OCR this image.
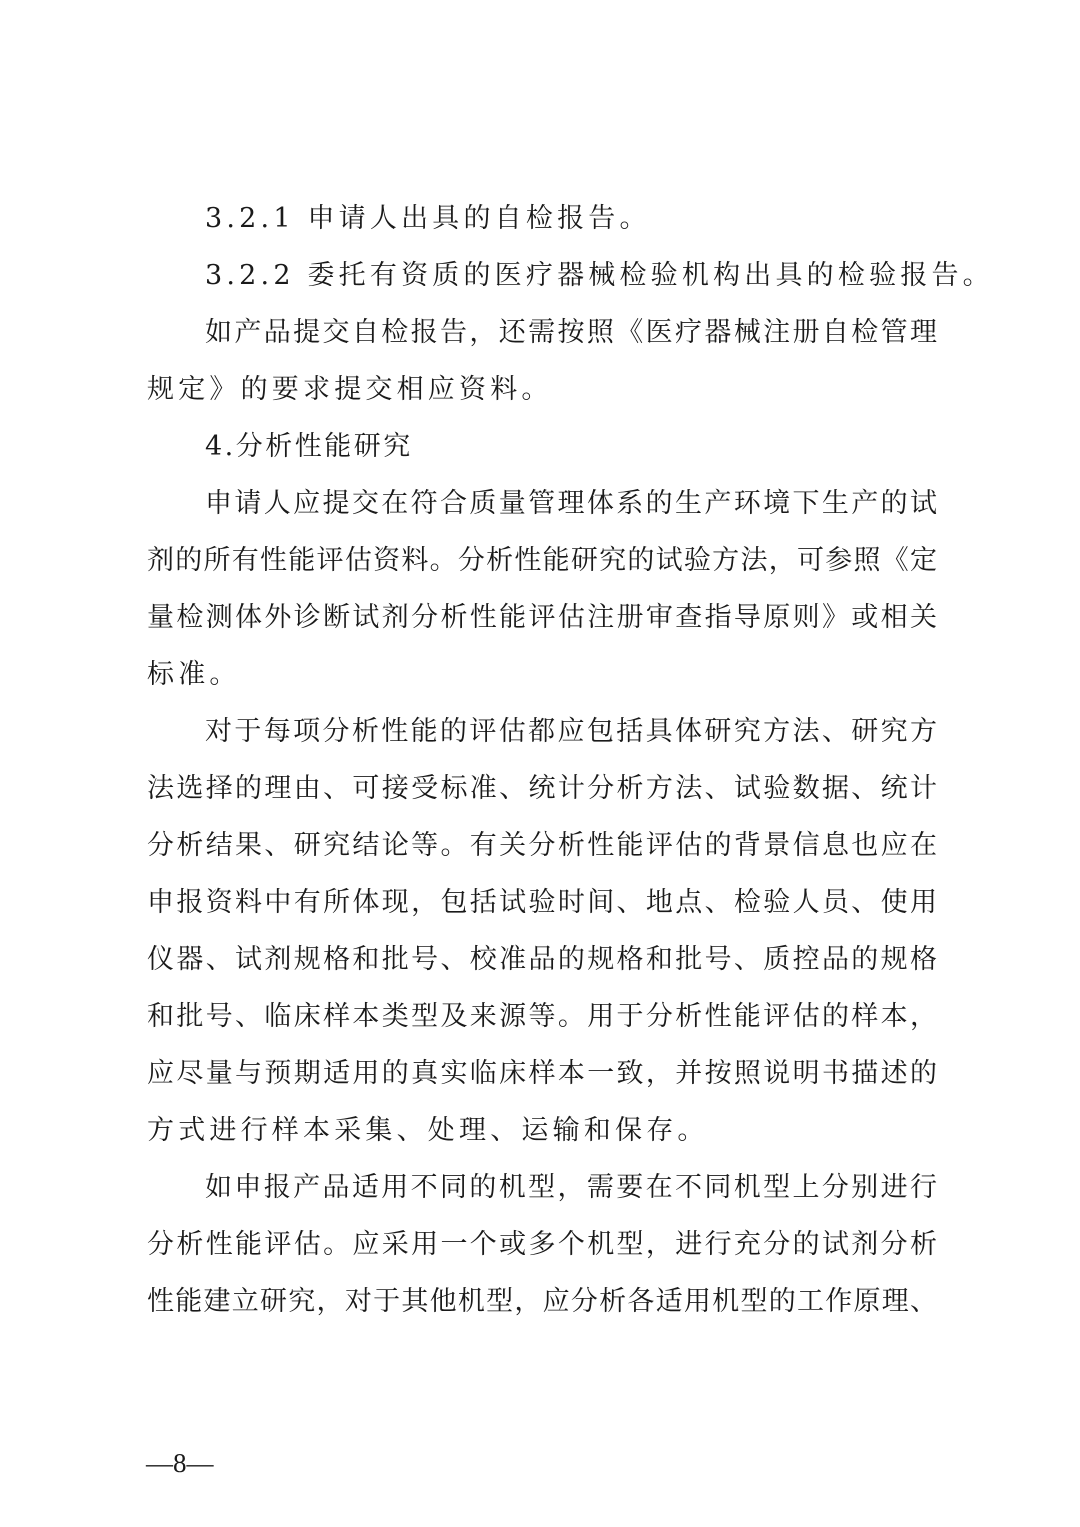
3.2.1 申请人出具的自检报告。
3.2.2 委托有资质的医疗器械检验机构出具的检验报告。
如产品提交自检报告，还需按照《医疗器械注册自检管理
规定》的要求提交相应资料。
4.分析性能研究
申请人应提交在符合质量管理体系的生产环境下生产的试
剂的所有性能评估资料。分析性能研究的试验方法，可参照《定
量检测体外诊断试剂分析性能评估注册审查指导原则》或相关
标准。
对于每项分析性能的评估都应包括具体研究方法、研究方
法选择的理由、可接受标准、统计分析方法、试验数据、统计
分析结果、研究结论等。有关分析性能评估的背景信息也应在
申报资料中有所体现，包括试验时间、地点、检验人员、使用
仪器、试剂规格和批号、校准品的规格和批号、质控品的规格
和批号、临床样本类型及来源等。用于分析性能评估的样本，
应尽量与预期适用的真实临床样本一致，并按照说明书描述的
方式进行样本采集、处理、运输和保存。
如申报产品适用不同的机型，需要在不同机型上分别进行
分析性能评估。应采用一个或多个机型，进行充分的试剂分析
性能建立研究，对于其他机型，应分析各适用机型的工作原理、
—8—
